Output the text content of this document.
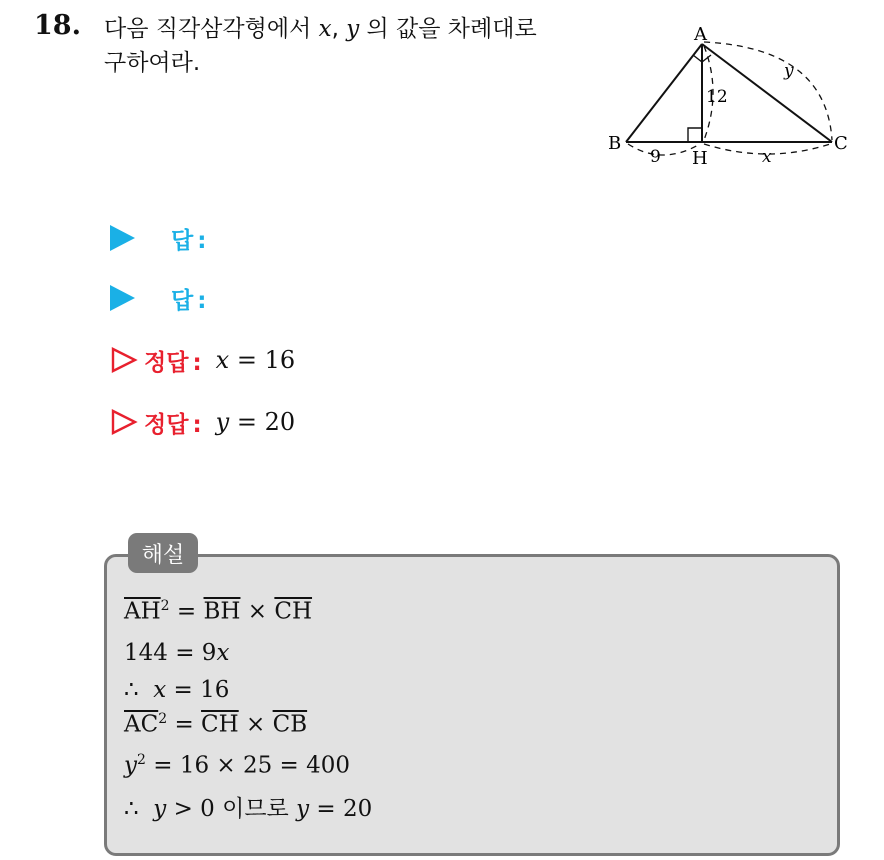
18. 다음 직각삼각형에서 x, y 의 값을 차례대로
구하여라.
A
B	C
H
12
9	x
y
답 :
답 :
정답 : x = 16
정답 : y = 20
해설
$\overline{AH}^2 = \overline{BH} \times \overline{CH}$
144 = 9x
∴ x = 16
$\overline{AC}^2 = \overline{CH} \times \overline{CB}$
$y^2 = 16 \times 25 = 400$
∴ y > 0 이므로 y = 20
